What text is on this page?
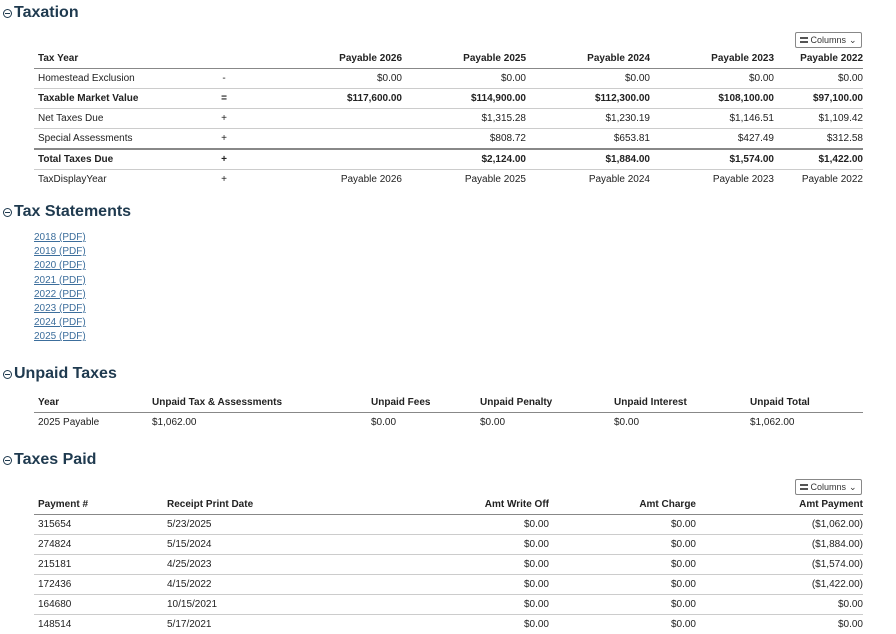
Taxation
Columns ⌄
Tax Year		Payable 2026	Payable 2025	Payable 2024	Payable 2023	Payable 2022
Homestead Exclusion	-	$0.00	$0.00	$0.00	$0.00	$0.00
Taxable Market Value	=	$117,600.00	$114,900.00	$112,300.00	$108,100.00	$97,100.00
Net Taxes Due	+		$1,315.28	$1,230.19	$1,146.51	$1,109.42
Special Assessments	+		$808.72	$653.81	$427.49	$312.58
Total Taxes Due	+		$2,124.00	$1,884.00	$1,574.00	$1,422.00
TaxDisplayYear	+	Payable 2026	Payable 2025	Payable 2024	Payable 2023	Payable 2022
Tax Statements
2018 (PDF)
2019 (PDF)
2020 (PDF)
2021 (PDF)
2022 (PDF)
2023 (PDF)
2024 (PDF)
2025 (PDF)
Unpaid Taxes
Year	Unpaid Tax & Assessments	Unpaid Fees	Unpaid Penalty	Unpaid Interest	Unpaid Total
2025 Payable	$1,062.00	$0.00	$0.00	$0.00	$1,062.00
Taxes Paid
Columns ⌄
Payment #	Receipt Print Date	Amt Write Off	Amt Charge	Amt Payment
315654	5/23/2025	$0.00	$0.00	($1,062.00)
274824	5/15/2024	$0.00	$0.00	($1,884.00)
215181	4/25/2023	$0.00	$0.00	($1,574.00)
172436	4/15/2022	$0.00	$0.00	($1,422.00)
164680	10/15/2021	$0.00	$0.00	$0.00
148514	5/17/2021	$0.00	$0.00	$0.00
